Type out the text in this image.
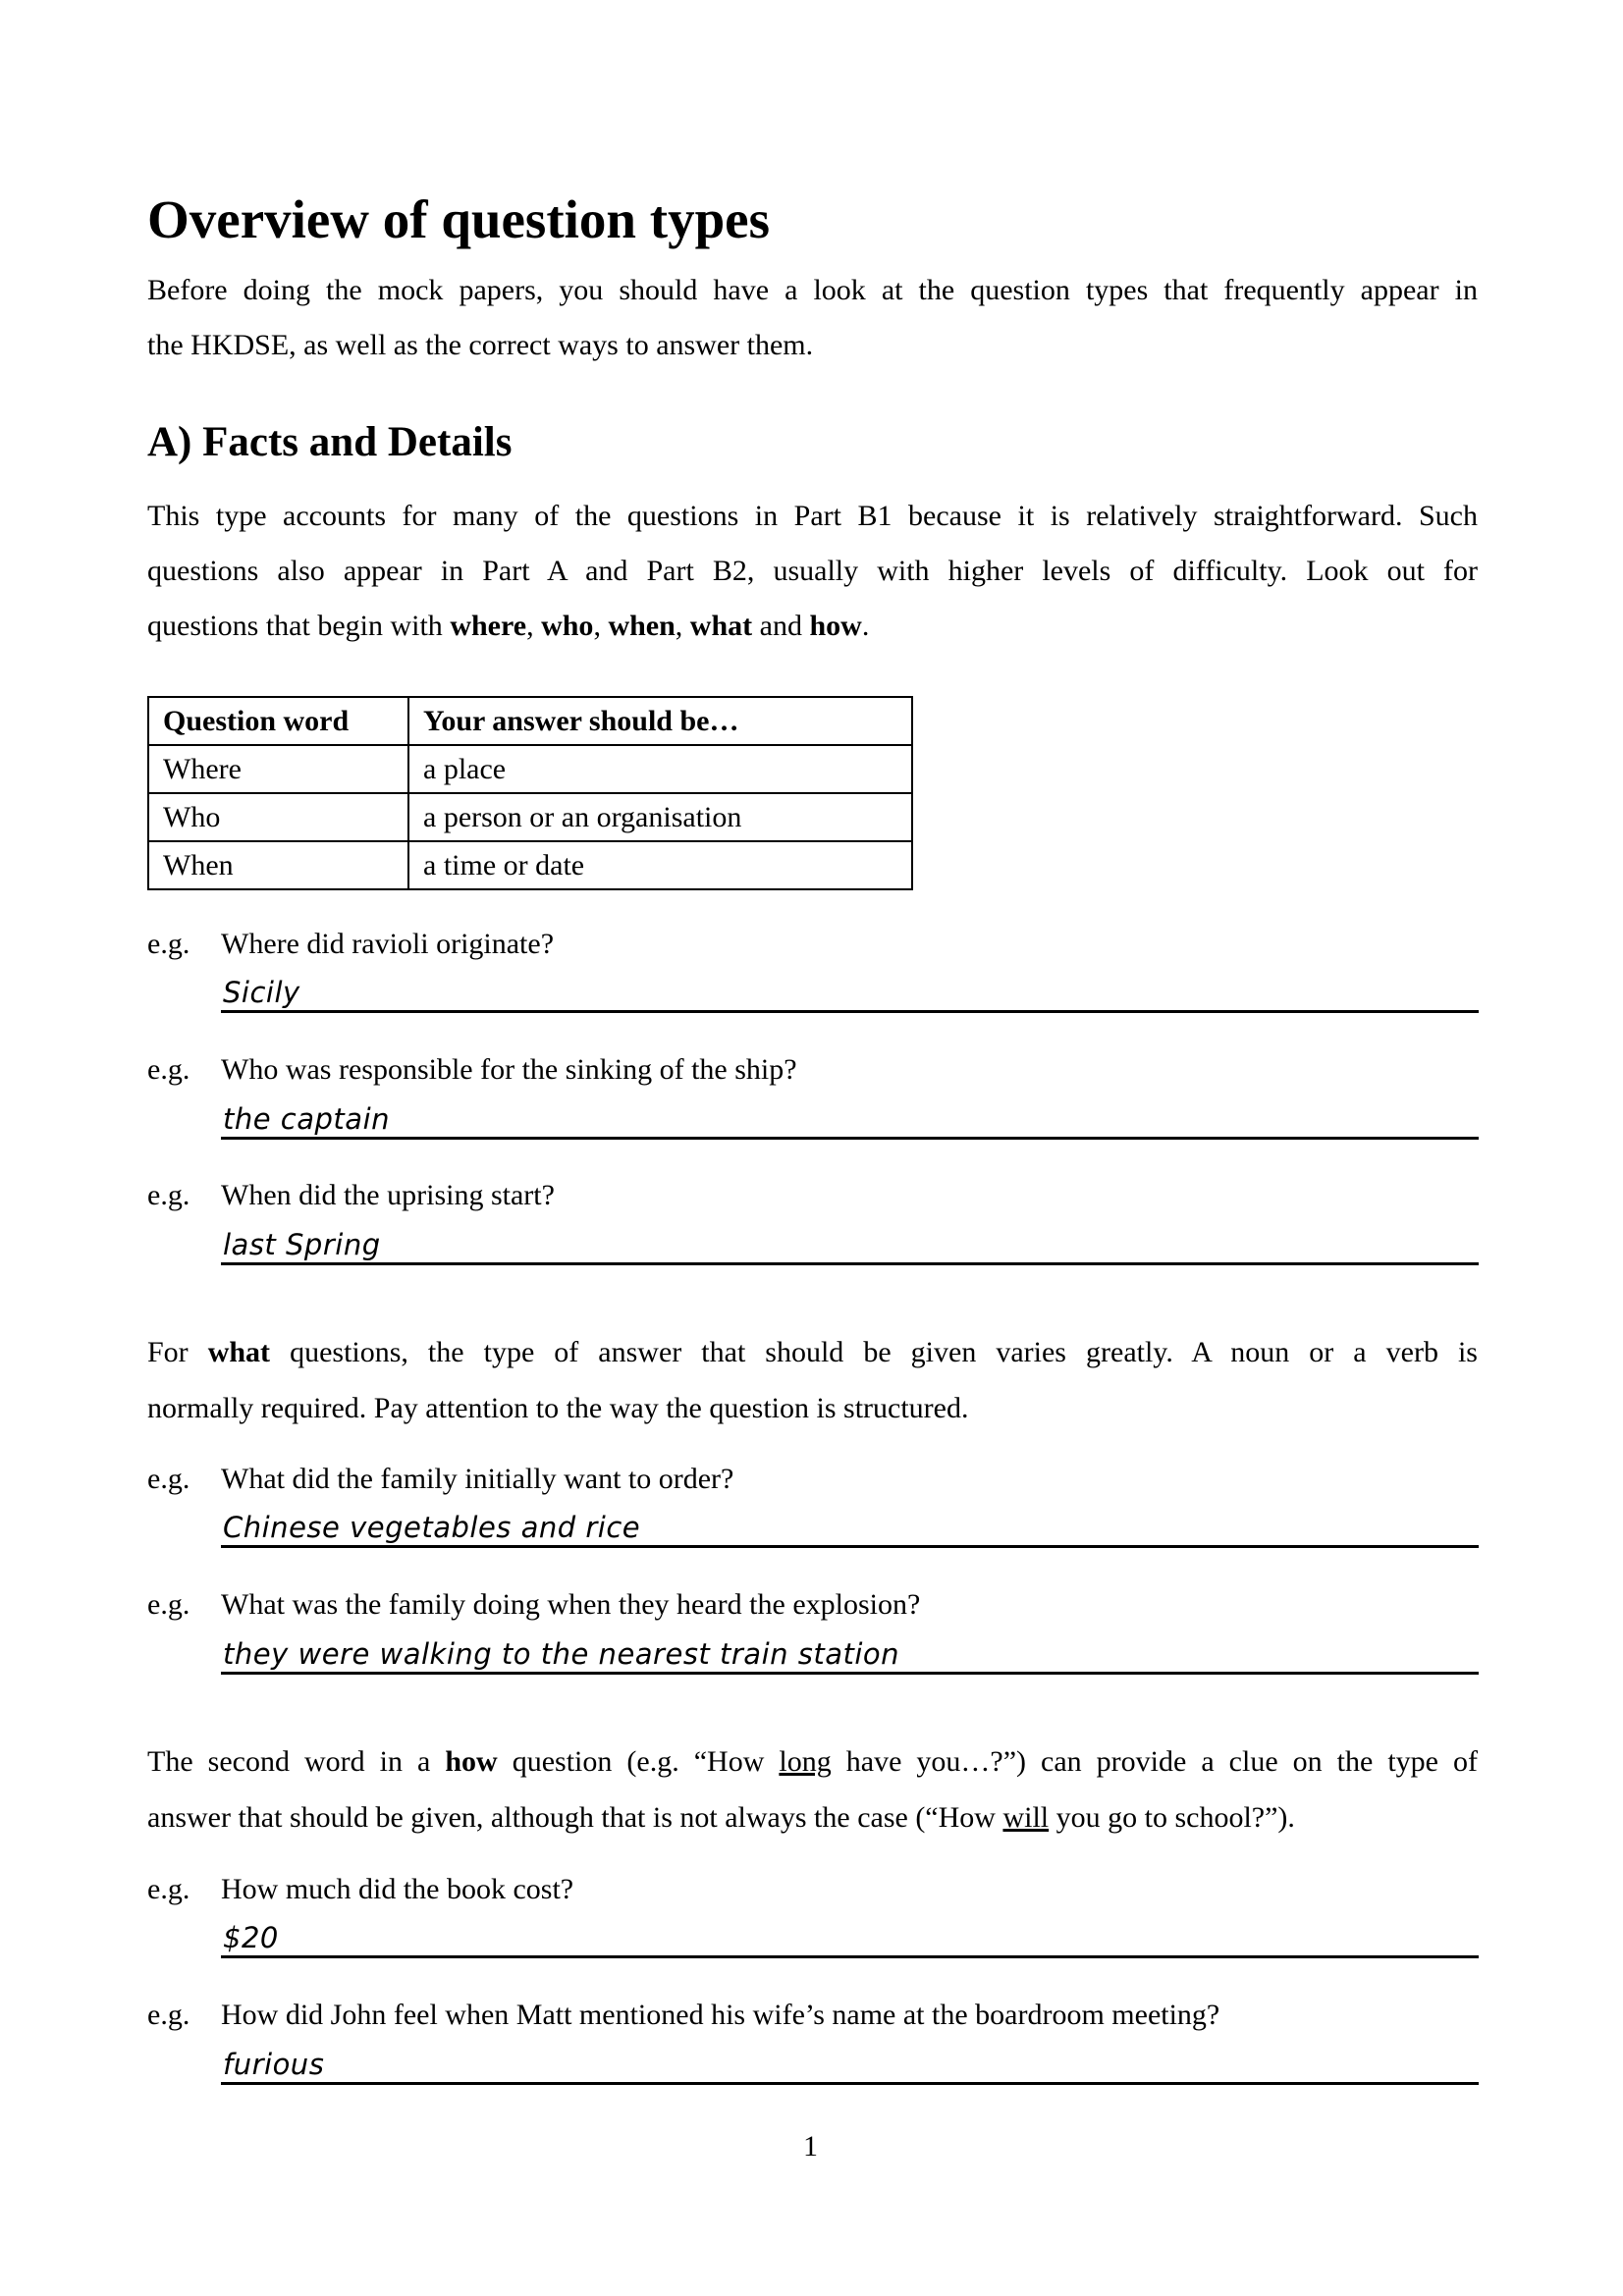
Overview of question types
Before doing the mock papers, you should have a look at the question types that frequently appear in
the HKDSE, as well as the correct ways to answer them.
A) Facts and Details
This type accounts for many of the questions in Part B1 because it is relatively straightforward. Such
questions also appear in Part A and Part B2, usually with higher levels of difficulty. Look out for
questions that begin with where, who, when, what and how.
Question word	Your answer should be…
Where	a place
Who	a person or an organisation
When	a time or date
e.g. Where did ravioli originate?
Sicily
e.g. Who was responsible for the sinking of the ship?
the captain
e.g. When did the uprising start?
last Spring
For what questions, the type of answer that should be given varies greatly. A noun or a verb is
normally required. Pay attention to the way the question is structured.
e.g. What did the family initially want to order?
Chinese vegetables and rice
e.g. What was the family doing when they heard the explosion?
they were walking to the nearest train station
The second word in a how question (e.g. “How long have you…?”) can provide a clue on the type of
answer that should be given, although that is not always the case (“How will you go to school?”).
e.g. How much did the book cost?
$20
e.g. How did John feel when Matt mentioned his wife’s name at the boardroom meeting?
furious
1
